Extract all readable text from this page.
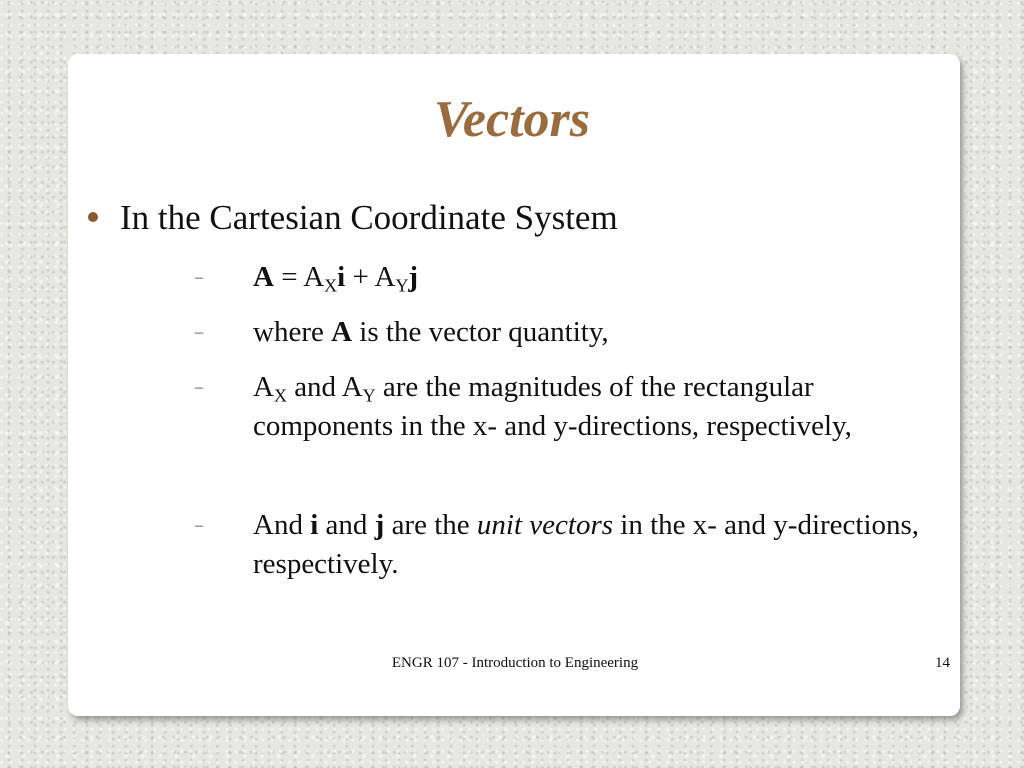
Vectors
In the Cartesian Coordinate System
– $A = A_Xi + A_Yj$
– where A is the vector quantity,
– $A_X$ and $A_Y$ are the magnitudes of the rectangular components in the x- and y-directions, respectively,
– And i and j are the unit vectors in the x- and y-directions, respectively.
ENGR 107 - Introduction to Engineering	14
